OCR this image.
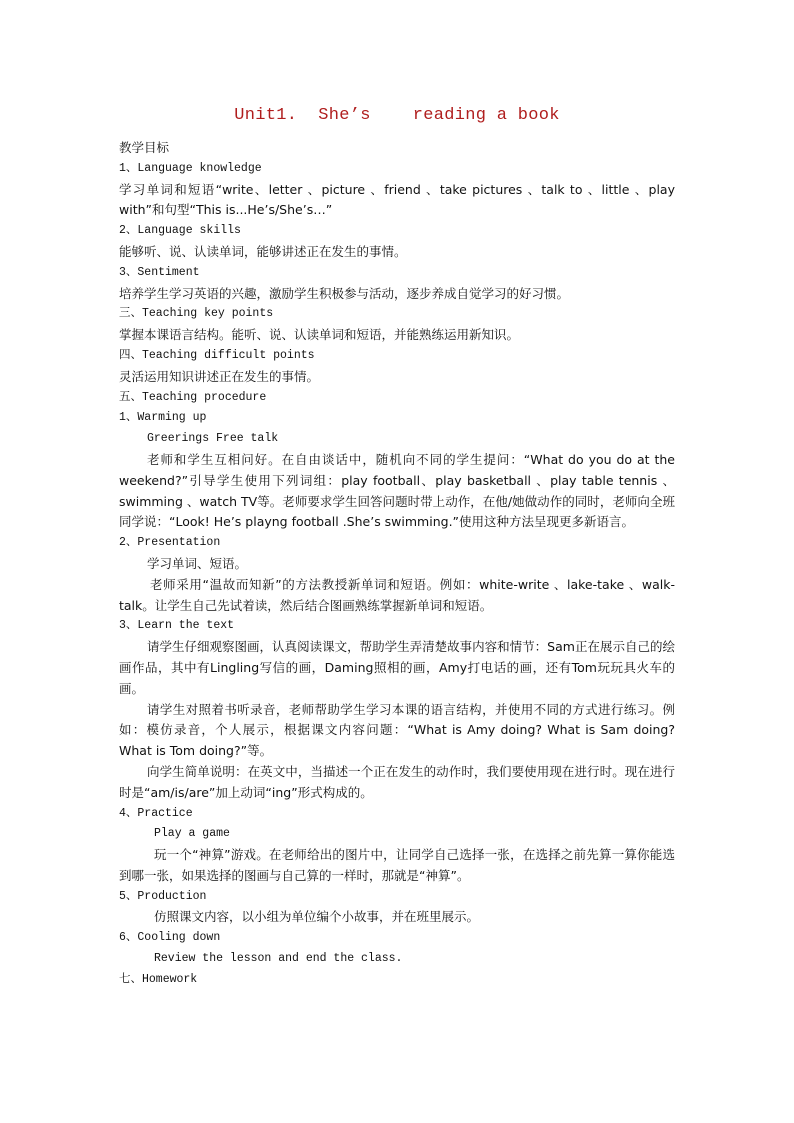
Unit1.  She’s    reading a book

教学目标

1、Language knowledge

学习单词和短语“write、letter 、picture 、friend 、take pictures 、talk to 、little 、play with”和句型“This is...He’s/She’s…”

2、Language skills

能够听、说、认读单词，能够讲述正在发生的事情。

3、Sentiment

培养学生学习英语的兴趣，激励学生积极参与活动，逐步养成自觉学习的好习惯。

三、Teaching key points

掌握本课语言结构。能听、说、认读单词和短语，并能熟练运用新知识。

四、Teaching difficult points

灵活运用知识讲述正在发生的事情。

五、Teaching procedure

1、Warming up

Greerings Free talk

老师和学生互相问好。在自由谈话中，随机向不同的学生提问：“What do you do at the weekend?”引导学生使用下列词组：play football、play basketball 、play table tennis 、swimming 、watch TV等。老师要求学生回答问题时带上动作，在他/她做动作的同时，老师向全班同学说：“Look! He’s playng football .She’s swimming.”使用这种方法呈现更多新语言。

2、Presentation

学习单词、短语。

老师采用“温故而知新”的方法教授新单词和短语。例如：white-write 、lake-take 、walk-talk。让学生自己先试着读，然后结合图画熟练掌握新单词和短语。

3、Learn the text

请学生仔细观察图画，认真阅读课文，帮助学生弄清楚故事内容和情节：Sam正在展示自己的绘画作品，其中有Lingling写信的画，Daming照相的画，Amy打电话的画，还有Tom玩玩具火车的画。

请学生对照着书听录音，老师帮助学生学习本课的语言结构，并使用不同的方式进行练习。例如：模仿录音，个人展示，根据课文内容问题：“What is Amy doing? What is Sam doing? What is Tom doing?”等。

向学生简单说明：在英文中，当描述一个正在发生的动作时，我们要使用现在进行时。现在进行时是“am/is/are”加上动词“ing”形式构成的。

4、Practice

Play a game

玩一个“神算”游戏。在老师给出的图片中，让同学自己选择一张，在选择之前先算一算你能选到哪一张，如果选择的图画与自己算的一样时，那就是“神算”。

5、Production

仿照课文内容，以小组为单位编个小故事，并在班里展示。

6、Cooling down

Review the lesson and end the class.

七、Homework
